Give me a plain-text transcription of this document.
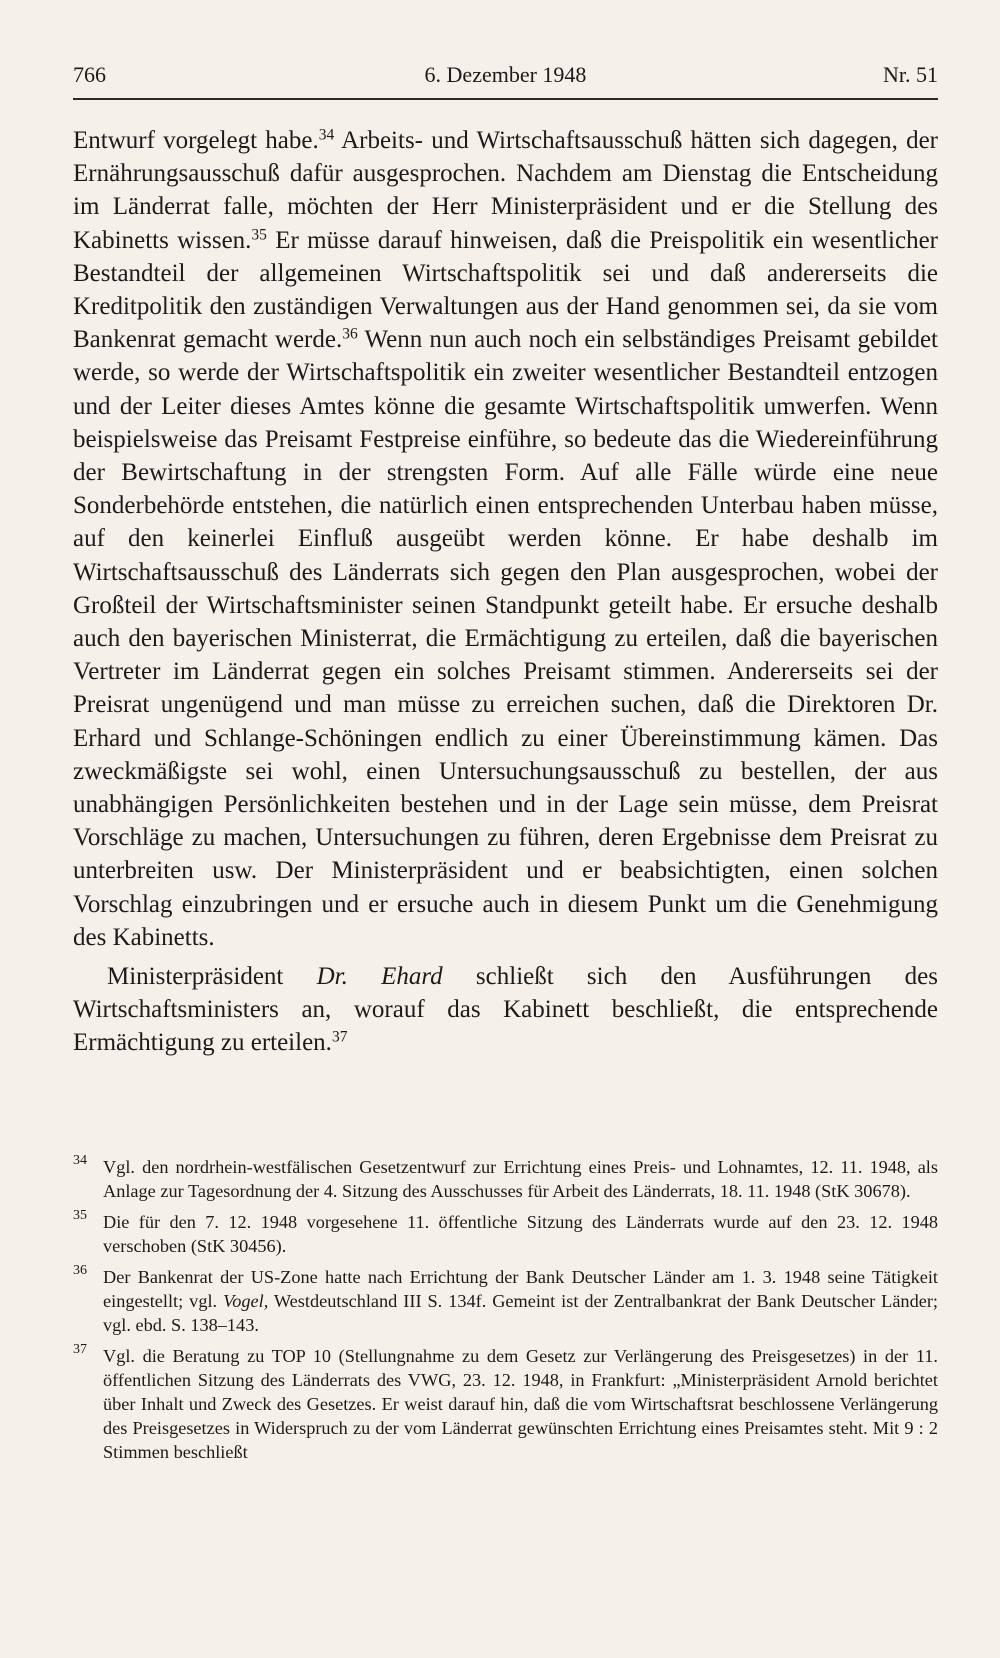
766	6. Dezember 1948	Nr. 51

Entwurf vorgelegt habe.$^{34}$ Arbeits- und Wirtschaftsausschuß hätten sich dagegen, der Ernährungsausschuß dafür ausgesprochen. Nachdem am Dienstag die Entscheidung im Länderrat falle, möchten der Herr Ministerpräsident und er die Stellung des Kabinetts wissen.$^{35}$ Er müsse darauf hinweisen, daß die Preispolitik ein wesentlicher Bestandteil der allgemeinen Wirtschaftspolitik sei und daß andererseits die Kreditpolitik den zuständigen Verwaltungen aus der Hand genommen sei, da sie vom Bankenrat gemacht werde.$^{36}$ Wenn nun auch noch ein selbständiges Preisamt gebildet werde, so werde der Wirtschaftspolitik ein zweiter wesentlicher Bestandteil entzogen und der Leiter dieses Amtes könne die gesamte Wirtschaftspolitik umwerfen. Wenn beispielsweise das Preisamt Festpreise einführe, so bedeute das die Wiedereinführung der Bewirtschaftung in der strengsten Form. Auf alle Fälle würde eine neue Sonderbehörde entstehen, die natürlich einen entsprechenden Unterbau haben müsse, auf den keinerlei Einfluß ausgeübt werden könne. Er habe deshalb im Wirtschaftsausschuß des Länderrats sich gegen den Plan ausgesprochen, wobei der Großteil der Wirtschaftsminister seinen Standpunkt geteilt habe. Er ersuche deshalb auch den bayerischen Ministerrat, die Ermächtigung zu erteilen, daß die bayerischen Vertreter im Länderrat gegen ein solches Preisamt stimmen. Andererseits sei der Preisrat ungenügend und man müsse zu erreichen suchen, daß die Direktoren Dr. Erhard und Schlange-Schöningen endlich zu einer Übereinstimmung kämen. Das zweckmäßigste sei wohl, einen Untersuchungsausschuß zu bestellen, der aus unabhängigen Persönlichkeiten bestehen und in der Lage sein müsse, dem Preisrat Vorschläge zu machen, Untersuchungen zu führen, deren Ergebnisse dem Preisrat zu unterbreiten usw. Der Ministerpräsident und er beabsichtigten, einen solchen Vorschlag einzubringen und er ersuche auch in diesem Punkt um die Genehmigung des Kabinetts.

Ministerpräsident Dr. Ehard schließt sich den Ausführungen des Wirtschaftsministers an, worauf das Kabinett beschließt, die entsprechende Ermächtigung zu erteilen.$^{37}$

34 Vgl. den nordrhein-westfälischen Gesetzentwurf zur Errichtung eines Preis- und Lohnamtes, 12. 11. 1948, als Anlage zur Tagesordnung der 4. Sitzung des Ausschusses für Arbeit des Länderrats, 18. 11. 1948 (StK 30678).
35 Die für den 7. 12. 1948 vorgesehene 11. öffentliche Sitzung des Länderrats wurde auf den 23. 12. 1948 verschoben (StK 30456).
36 Der Bankenrat der US-Zone hatte nach Errichtung der Bank Deutscher Länder am 1. 3. 1948 seine Tätigkeit eingestellt; vgl. Vogel, Westdeutschland III S. 134f. Gemeint ist der Zentralbankrat der Bank Deutscher Länder; vgl. ebd. S. 138–143.
37 Vgl. die Beratung zu TOP 10 (Stellungnahme zu dem Gesetz zur Verlängerung des Preisgesetzes) in der 11. öffentlichen Sitzung des Länderrats des VWG, 23. 12. 1948, in Frankfurt: „Ministerpräsident Arnold berichtet über Inhalt und Zweck des Gesetzes. Er weist darauf hin, daß die vom Wirtschaftsrat beschlossene Verlängerung des Preisgesetzes in Widerspruch zu der vom Länderrat gewünschten Errichtung eines Preisamtes steht. Mit 9 : 2 Stimmen beschließt
